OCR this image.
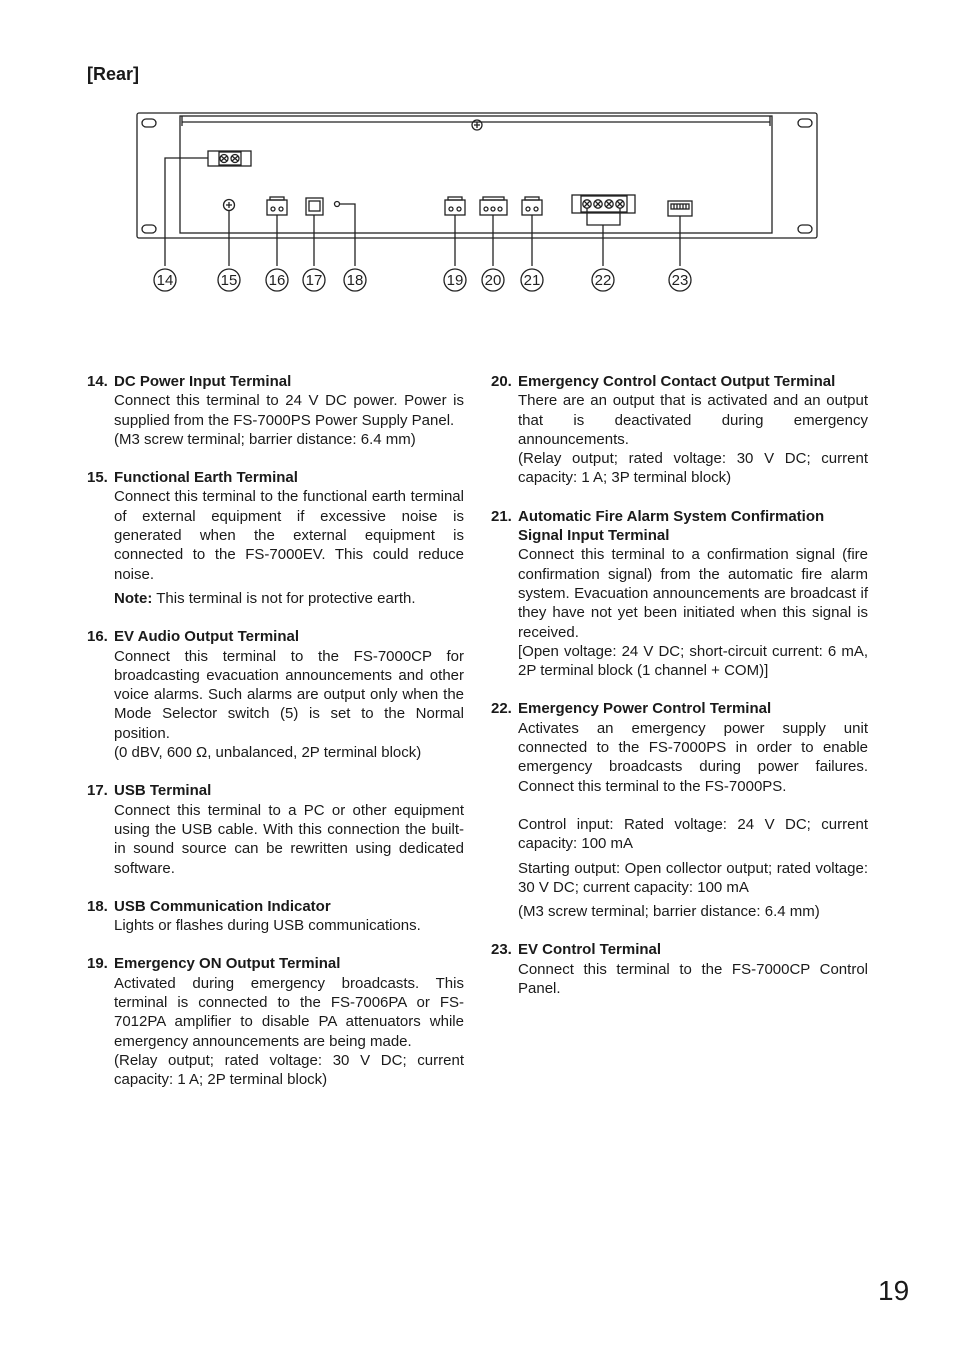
[Rear]
14	15 16 17 18	19 20 21	22	23
14. DC Power Input Terminal

Connect this terminal to 24 V DC power. Power is supplied from the FS-7000PS Power Supply Panel.

(M3 screw terminal; barrier distance: 6.4 mm)

15. Functional Earth Terminal

Connect this terminal to the functional earth terminal of external equipment if excessive noise is generated when the external equipment is connected to the FS-7000EV. This could reduce noise.

Note: This terminal is not for protective earth.

16. EV Audio Output Terminal

Connect this terminal to the FS-7000CP for broadcasting evacuation announcements and other voice alarms. Such alarms are output only when the Mode Selector switch (5) is set to the Normal position.

(0 dBV, 600 Ω, unbalanced, 2P terminal block)

17. USB Terminal

Connect this terminal to a PC or other equipment using the USB cable. With this connection the built-in sound source can be rewritten using dedicated software.

18. USB Communication Indicator

Lights or flashes during USB communications.

19. Emergency ON Output Terminal

Activated during emergency broadcasts. This terminal is connected to the FS-7006PA or FS-7012PA amplifier to disable PA attenuators while emergency announcements are being made.

(Relay output; rated voltage: 30 V DC; current capacity: 1 A; 2P terminal block)

20. Emergency Control Contact Output Terminal

There are an output that is activated and an output that is deactivated during emergency announcements.

(Relay output; rated voltage: 30 V DC; current capacity: 1 A; 3P terminal block)

21. Automatic Fire Alarm System Confirmation Signal Input Terminal

Connect this terminal to a confirmation signal (fire confirmation signal) from the automatic fire alarm system. Evacuation announcements are broadcast if they have not yet been initiated when this signal is received.

[Open voltage: 24 V DC; short-circuit current: 6 mA, 2P terminal block (1 channel + COM)]

22. Emergency Power Control Terminal

Activates an emergency power supply unit connected to the FS-7000PS in order to enable emergency broadcasts during power failures. Connect this terminal to the FS-7000PS.

Control input: Rated voltage: 24 V DC; current capacity: 100 mA

Starting output: Open collector output; rated voltage: 30 V DC; current capacity: 100 mA

(M3 screw terminal; barrier distance: 6.4 mm)

23. EV Control Terminal

Connect this terminal to the FS-7000CP Control Panel.

19
